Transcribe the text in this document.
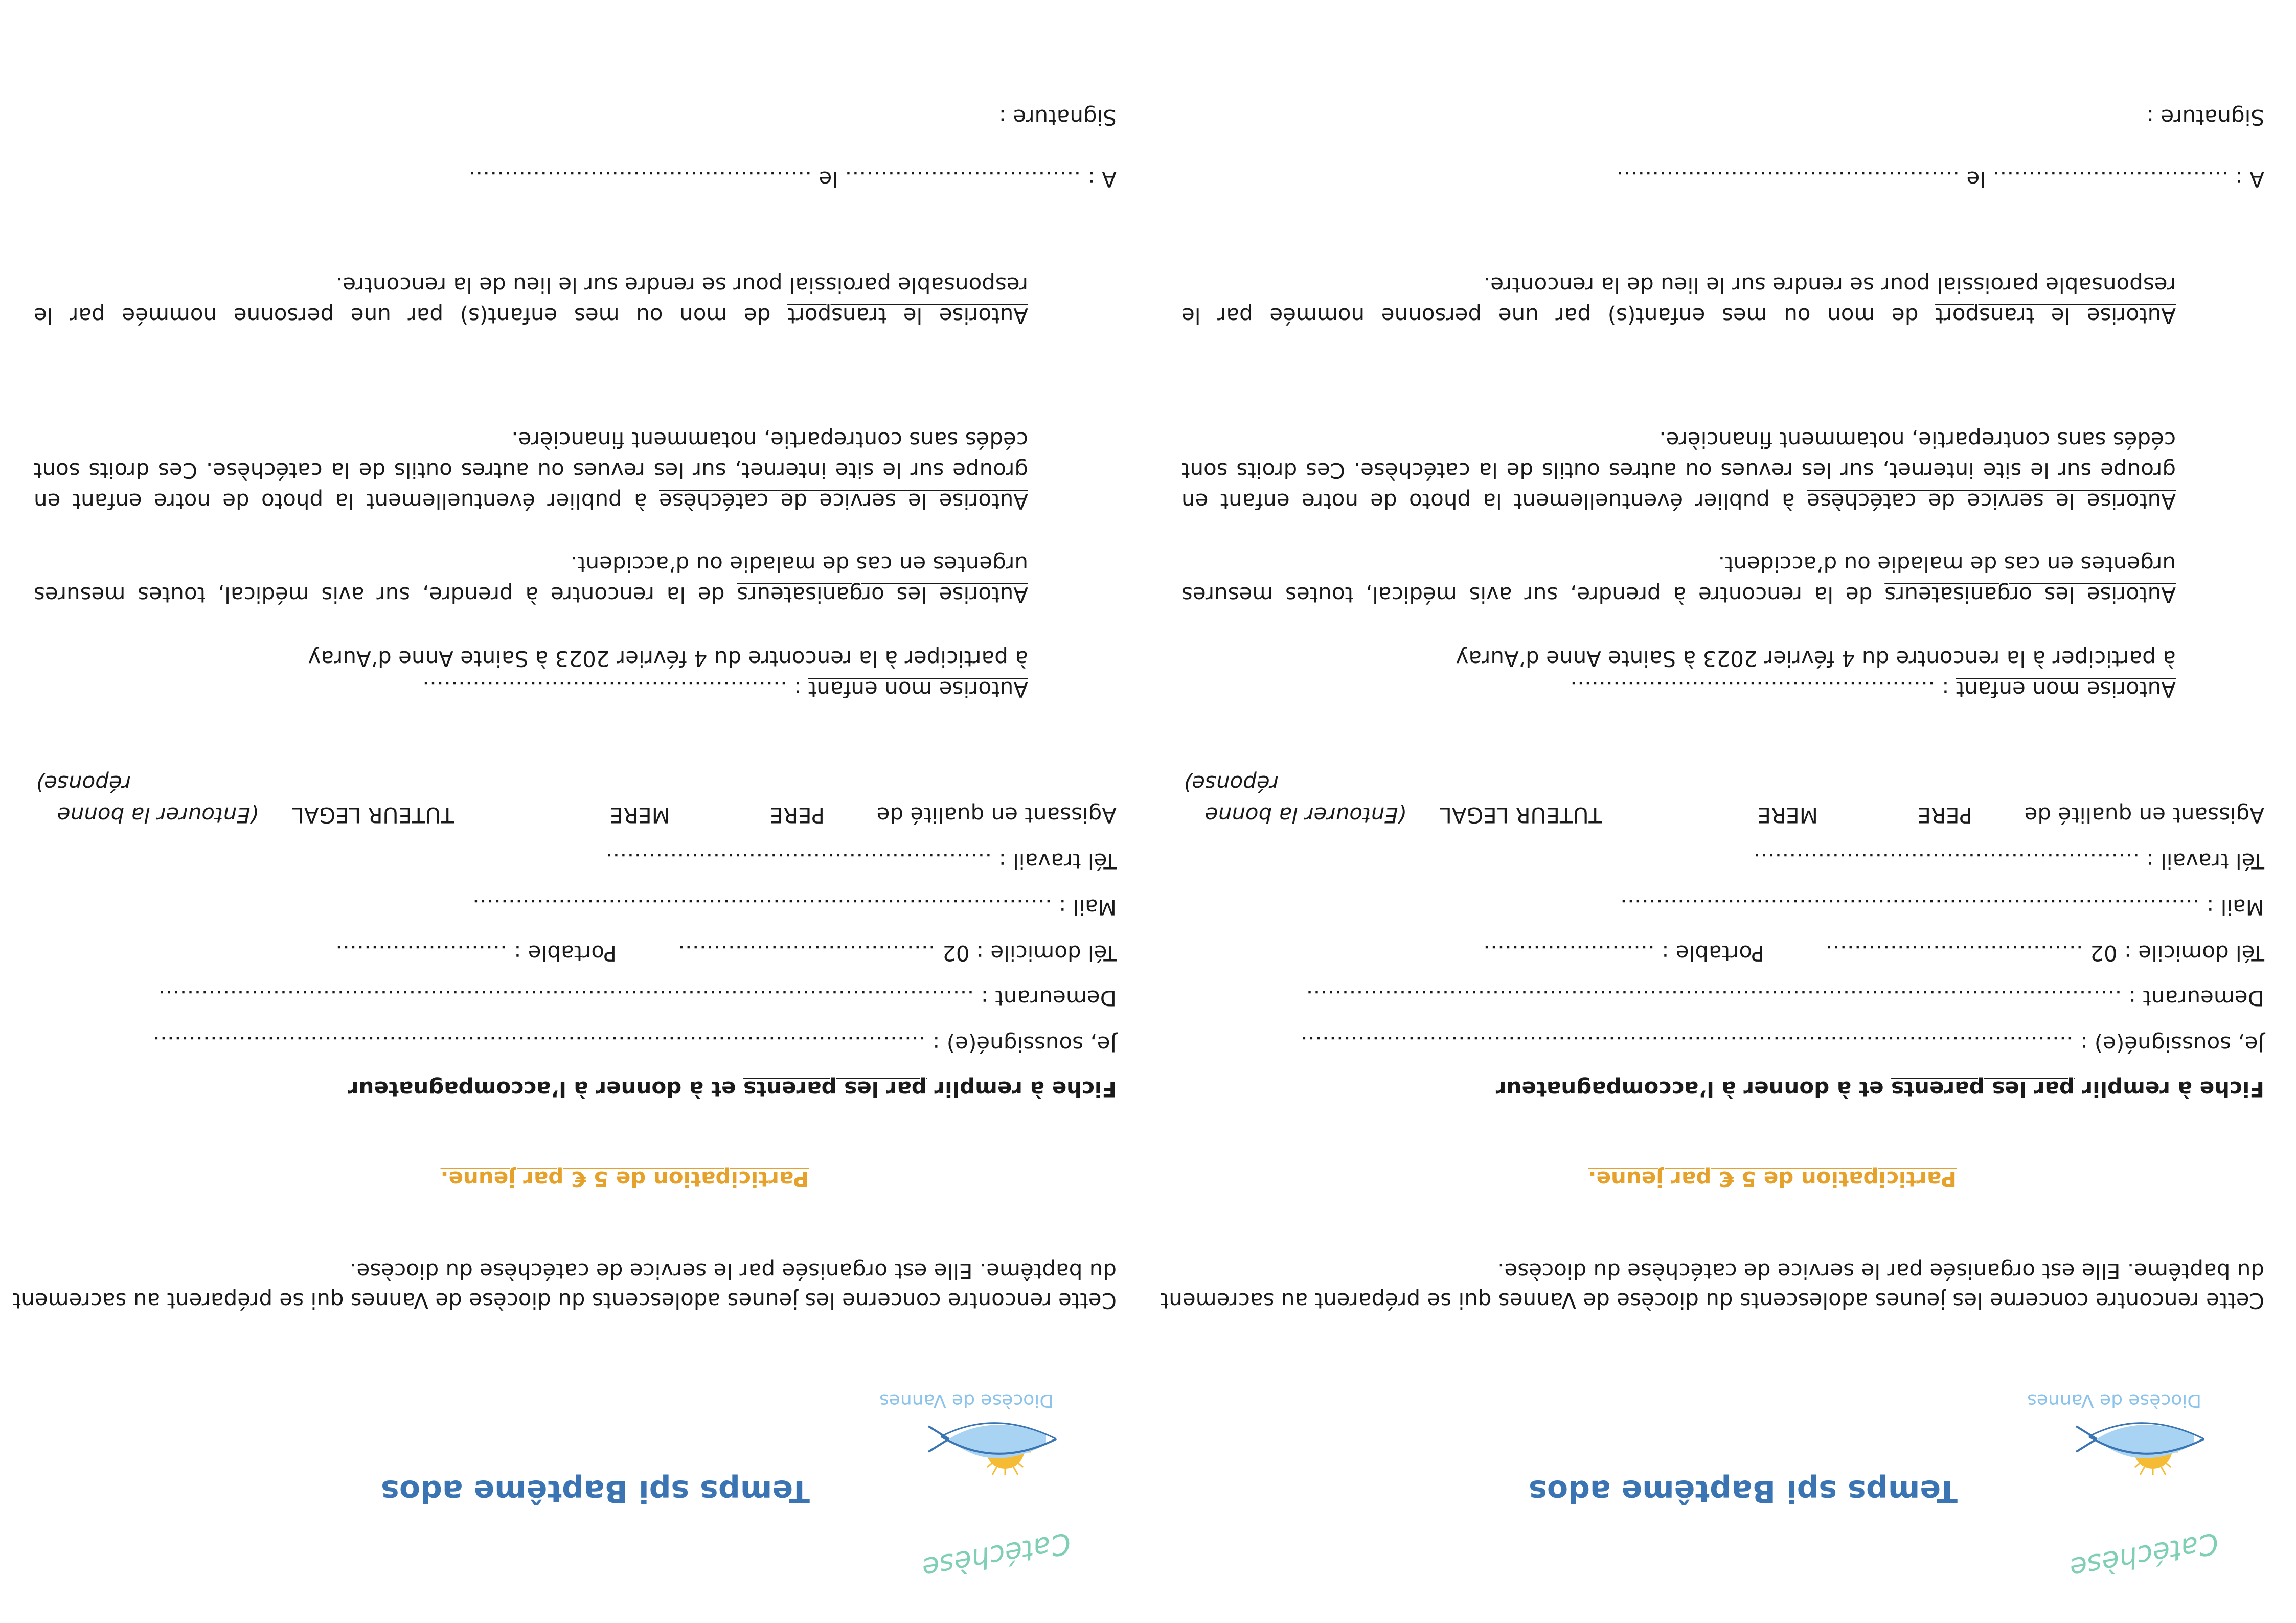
Catéchèse
Diocèse de Vannes
Temps spi Baptême ados
Cette rencontre concerne les jeunes adolescents du diocèse de Vannes qui se préparent au sacrement
du baptême. Elle est organisée par le service de catéchèse du diocèse.
Participation de 5 € par jeune.
Fiche à remplir par les parents et à donner à l’accompagnateur
Je, soussigné(e) : ………………………………………………………………………………………………
Demeurant : ……………………………………………………………………………………………………
Tél domicile : 02 ………………………………
Portable : ……………………
Mail : ………………………………………………………………………
Tél travail : ………………………………………………
Agissant en qualité de
PERE
MERE
TUTEUR LEGAL
(Entourer la bonne
réponse)
Autorise mon enfant : ……………………………………………
à participer à la rencontre du 4 février 2023 à Sainte Anne d’Auray
Autorise les organisateurs de la rencontre à prendre, sur avis médical, toutes mesures urgentes en cas de maladie ou d’accident.
Autorise le service de catéchèse à publier éventuellement la photo de notre enfant en groupe sur le site internet, sur les revues ou autres outils de la catéchèse. Ces droits sont cédés sans contrepartie, notamment financière.
Autorise le transport de mon ou mes enfant(s) par une personne nommée par le responsable paroissial pour se rendre sur le lieu de la rencontre.
A : …………………………… le …………………………………………
Signature :
Catéchèse
Diocèse de Vannes
Temps spi Baptême ados
Cette rencontre concerne les jeunes adolescents du diocèse de Vannes qui se préparent au sacrement
du baptême. Elle est organisée par le service de catéchèse du diocèse.
Participation de 5 € par jeune.
Fiche à remplir par les parents et à donner à l’accompagnateur
Je, soussigné(e) : ………………………………………………………………………………………………
Demeurant : ……………………………………………………………………………………………………
Tél domicile : 02 ………………………………
Portable : ……………………
Mail : ………………………………………………………………………
Tél travail : ………………………………………………
Agissant en qualité de
PERE
MERE
TUTEUR LEGAL
(Entourer la bonne
réponse)
Autorise mon enfant : ……………………………………………
à participer à la rencontre du 4 février 2023 à Sainte Anne d’Auray
Autorise les organisateurs de la rencontre à prendre, sur avis médical, toutes mesures urgentes en cas de maladie ou d’accident.
Autorise le service de catéchèse à publier éventuellement la photo de notre enfant en groupe sur le site internet, sur les revues ou autres outils de la catéchèse. Ces droits sont cédés sans contrepartie, notamment financière.
Autorise le transport de mon ou mes enfant(s) par une personne nommée par le responsable paroissial pour se rendre sur le lieu de la rencontre.
A : …………………………… le …………………………………………
Signature :
